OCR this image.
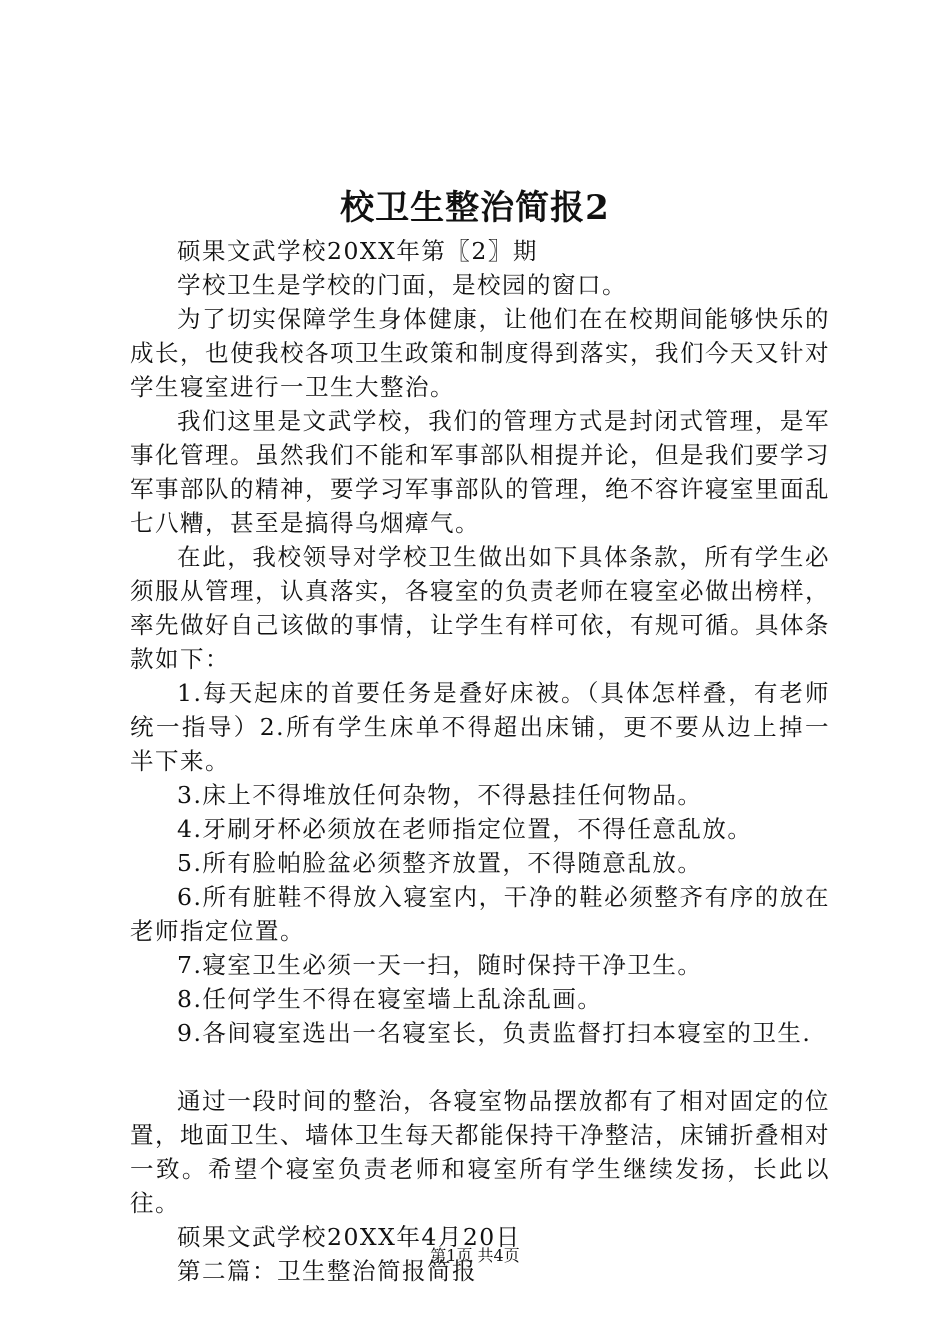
校卫生整治简报2

硕果文武学校20XX年第〖2〗期

学校卫生是学校的门面，是校园的窗口。

为了切实保障学生身体健康，让他们在在校期间能够快乐的成长，也使我校各项卫生政策和制度得到落实，我们今天又针对学生寝室进行一卫生大整治。

我们这里是文武学校，我们的管理方式是封闭式管理，是军事化管理。虽然我们不能和军事部队相提并论，但是我们要学习军事部队的精神，要学习军事部队的管理，绝不容许寝室里面乱七八糟，甚至是搞得乌烟瘴气。

在此，我校领导对学校卫生做出如下具体条款，所有学生必须服从管理，认真落实，各寝室的负责老师在寝室必做出榜样，率先做好自己该做的事情，让学生有样可依，有规可循。具体条款如下：

1.每天起床的首要任务是叠好床被。（具体怎样叠，有老师统一指导）2.所有学生床单不得超出床铺，更不要从边上掉一半下来。

3.床上不得堆放任何杂物，不得悬挂任何物品。

4.牙刷牙杯必须放在老师指定位置，不得任意乱放。

5.所有脸帕脸盆必须整齐放置，不得随意乱放。

6.所有脏鞋不得放入寝室内，干净的鞋必须整齐有序的放在老师指定位置。

7.寝室卫生必须一天一扫，随时保持干净卫生。

8.任何学生不得在寝室墙上乱涂乱画。

9.各间寝室选出一名寝室长，负责监督打扫本寝室的卫生.

通过一段时间的整治，各寝室物品摆放都有了相对固定的位置，地面卫生、墙体卫生每天都能保持干净整洁，床铺折叠相对一致。希望个寝室负责老师和寝室所有学生继续发扬，长此以往。

硕果文武学校20XX年4月20日

第二篇：卫生整治简报简报

第1页 共4页
